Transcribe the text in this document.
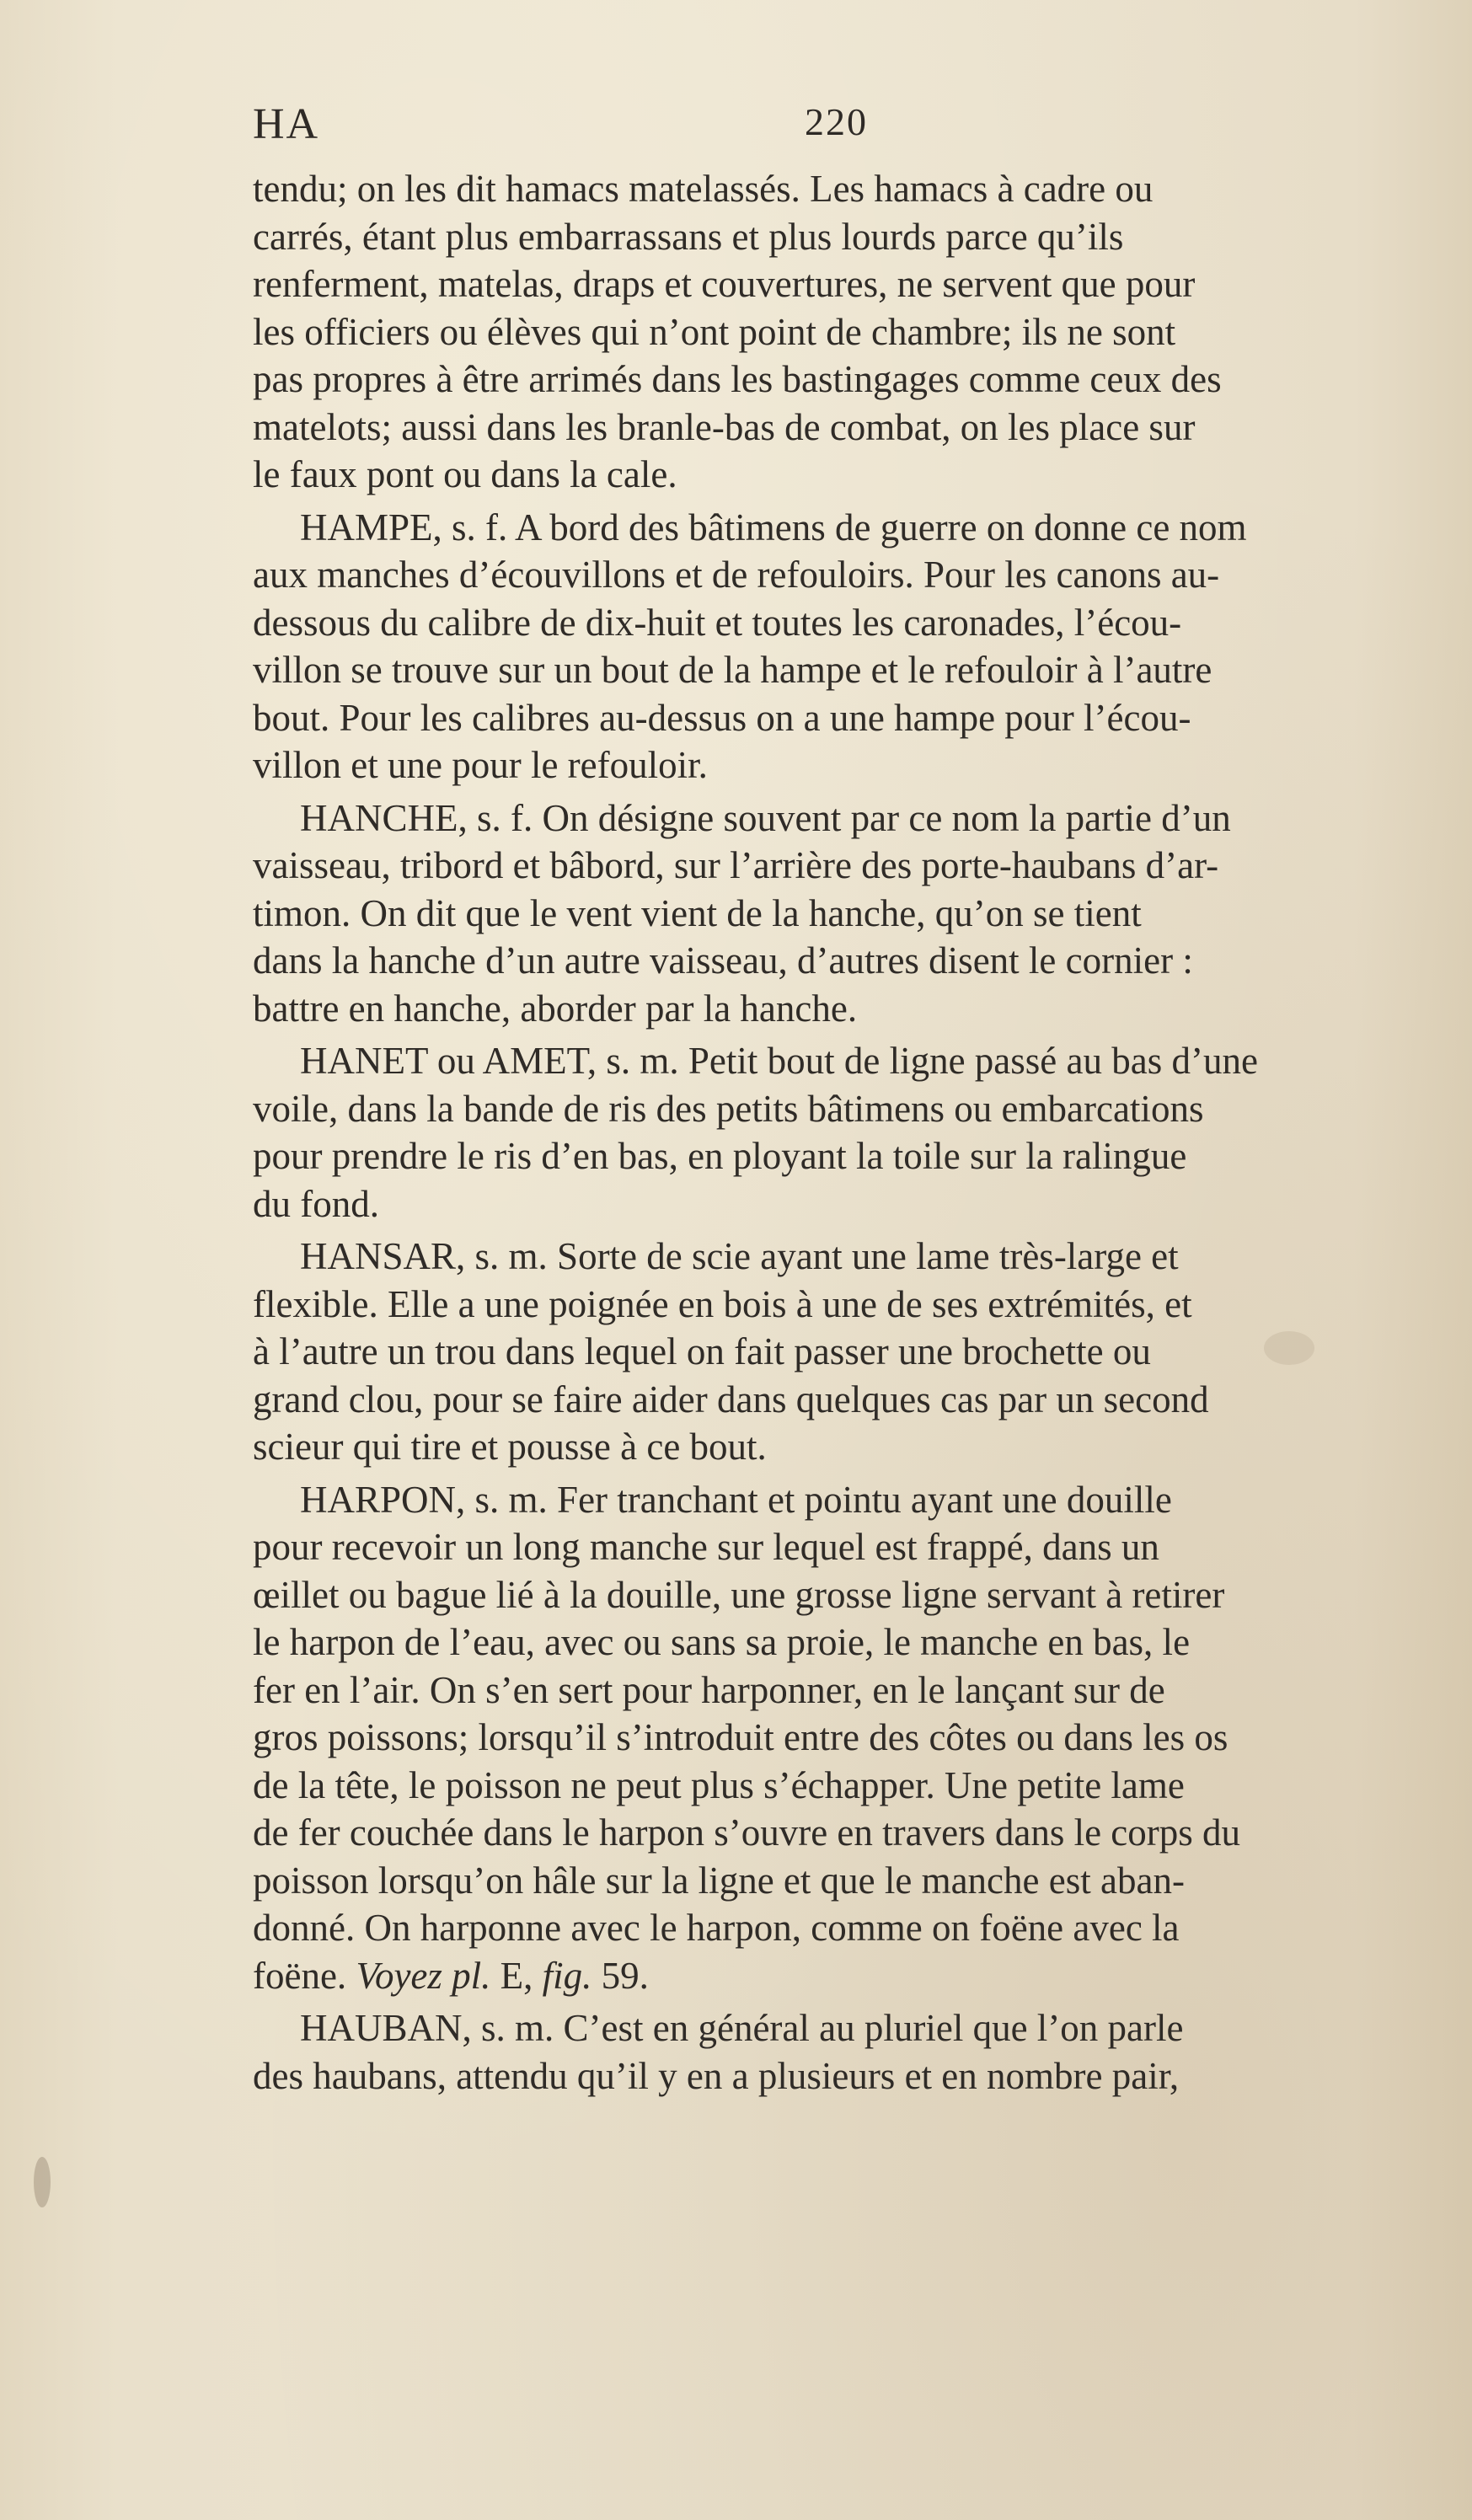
HA	220
tendu; on les dit hamacs matelassés. Les hamacs à cadre ou
carrés, étant plus embarrassans et plus lourds parce qu’ils
renferment, matelas, draps et couvertures, ne servent que pour
les officiers ou élèves qui n’ont point de chambre; ils ne sont
pas propres à être arrimés dans les bastingages comme ceux des
matelots; aussi dans les branle-bas de combat, on les place sur
le faux pont ou dans la cale.
HAMPE, s. f. A bord des bâtimens de guerre on donne ce nom
aux manches d’écouvillons et de refouloirs. Pour les canons au-
dessous du calibre de dix-huit et toutes les caronades, l’écou-
villon se trouve sur un bout de la hampe et le refouloir à l’autre
bout. Pour les calibres au-dessus on a une hampe pour l’écou-
villon et une pour le refouloir.
HANCHE, s. f. On désigne souvent par ce nom la partie d’un
vaisseau, tribord et bâbord, sur l’arrière des porte-haubans d’ar-
timon. On dit que le vent vient de la hanche, qu’on se tient
dans la hanche d’un autre vaisseau, d’autres disent le cornier :
battre en hanche, aborder par la hanche.
HANET ou AMET, s. m. Petit bout de ligne passé au bas d’une
voile, dans la bande de ris des petits bâtimens ou embarcations
pour prendre le ris d’en bas, en ployant la toile sur la ralingue
du fond.
HANSAR, s. m. Sorte de scie ayant une lame très-large et
flexible. Elle a une poignée en bois à une de ses extrémités, et
à l’autre un trou dans lequel on fait passer une brochette ou
grand clou, pour se faire aider dans quelques cas par un second
scieur qui tire et pousse à ce bout.
HARPON, s. m. Fer tranchant et pointu ayant une douille
pour recevoir un long manche sur lequel est frappé, dans un
œillet ou bague lié à la douille, une grosse ligne servant à retirer
le harpon de l’eau, avec ou sans sa proie, le manche en bas, le
fer en l’air. On s’en sert pour harponner, en le lançant sur de
gros poissons; lorsqu’il s’introduit entre des côtes ou dans les os
de la tête, le poisson ne peut plus s’échapper. Une petite lame
de fer couchée dans le harpon s’ouvre en travers dans le corps du
poisson lorsqu’on hâle sur la ligne et que le manche est aban-
donné. On harponne avec le harpon, comme on foëne avec la
foëne. Voyez pl. E, fig. 59.
HAUBAN, s. m. C’est en général au pluriel que l’on parle
des haubans, attendu qu’il y en a plusieurs et en nombre pair,
